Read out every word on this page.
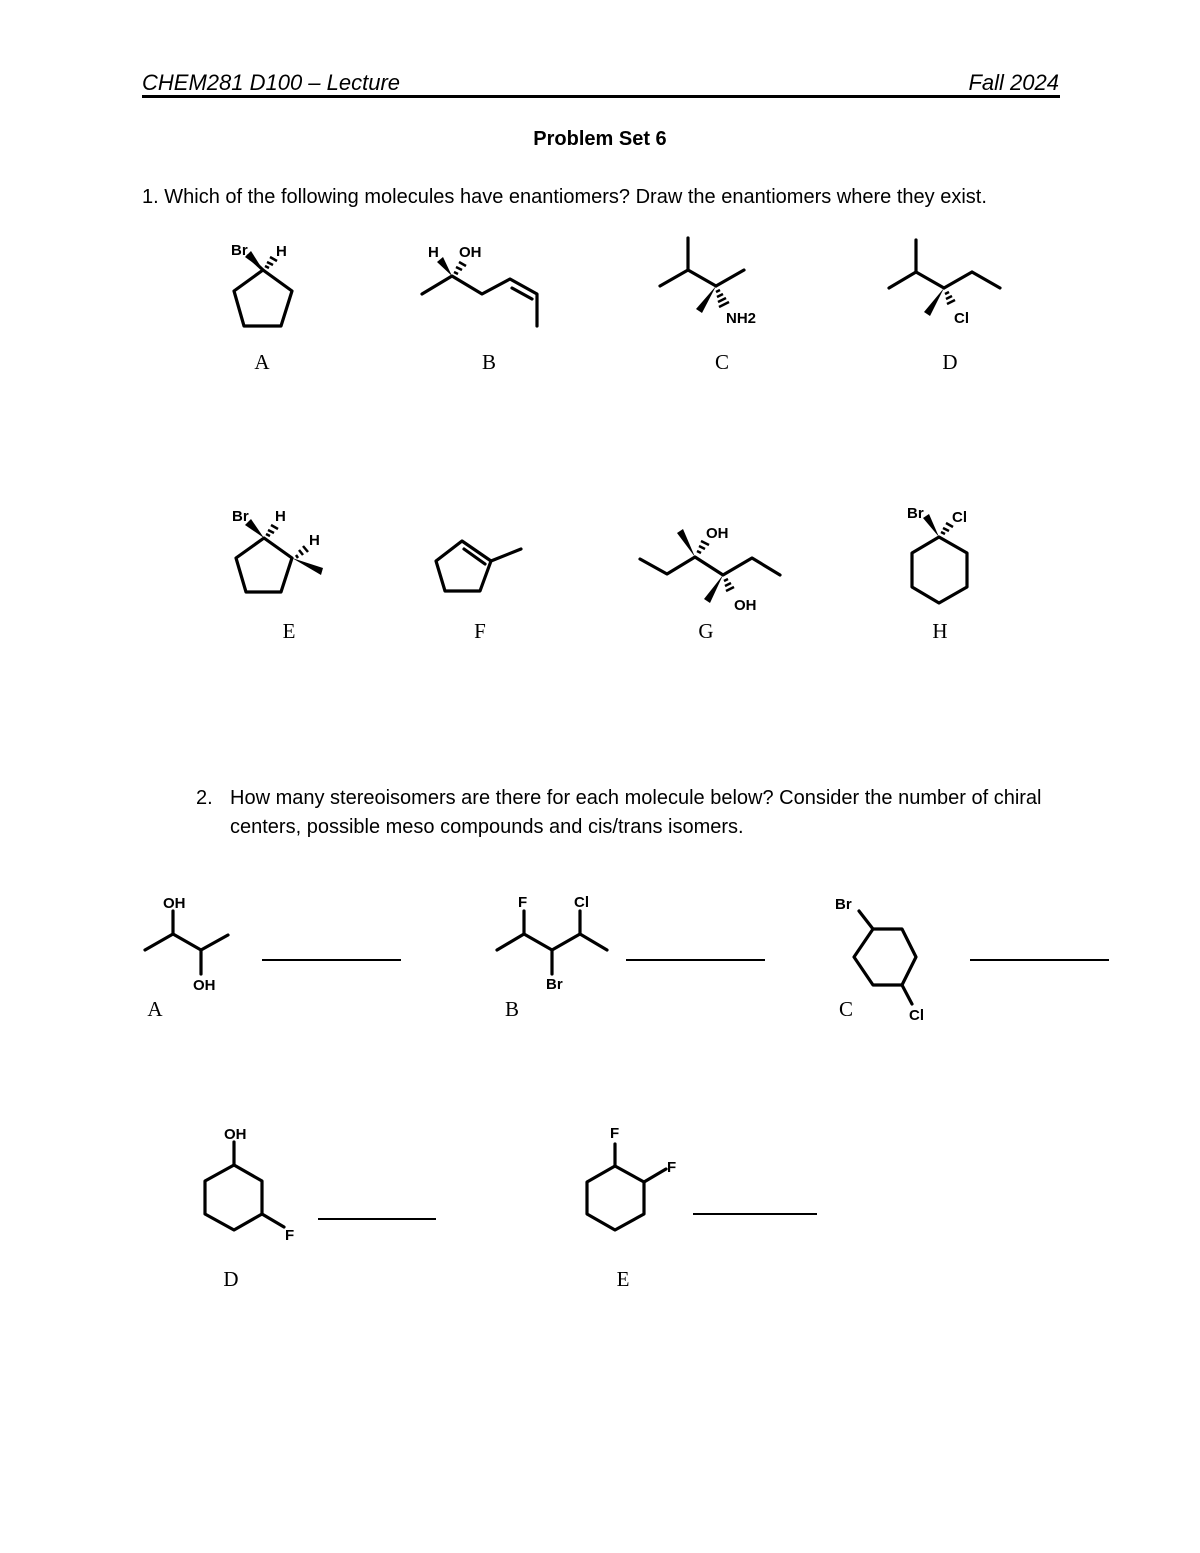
CHEM281 D100 – Lecture	Fall 2024
Problem Set 6
1. Which of the following molecules have enantiomers? Draw the enantiomers where they exist.
2. How many stereoisomers are there for each molecule below? Consider the number of chiral centers, possible meso compounds and cis/trans isomers.
A	B	C	D
E	F	G	H
A	B	C
D	E
Br H	H OH
NH2	Cl
Br H
H	OH
OH
Br Cl
OH
OH
F	Cl
Br
Br
Cl
OH
F
F
F
